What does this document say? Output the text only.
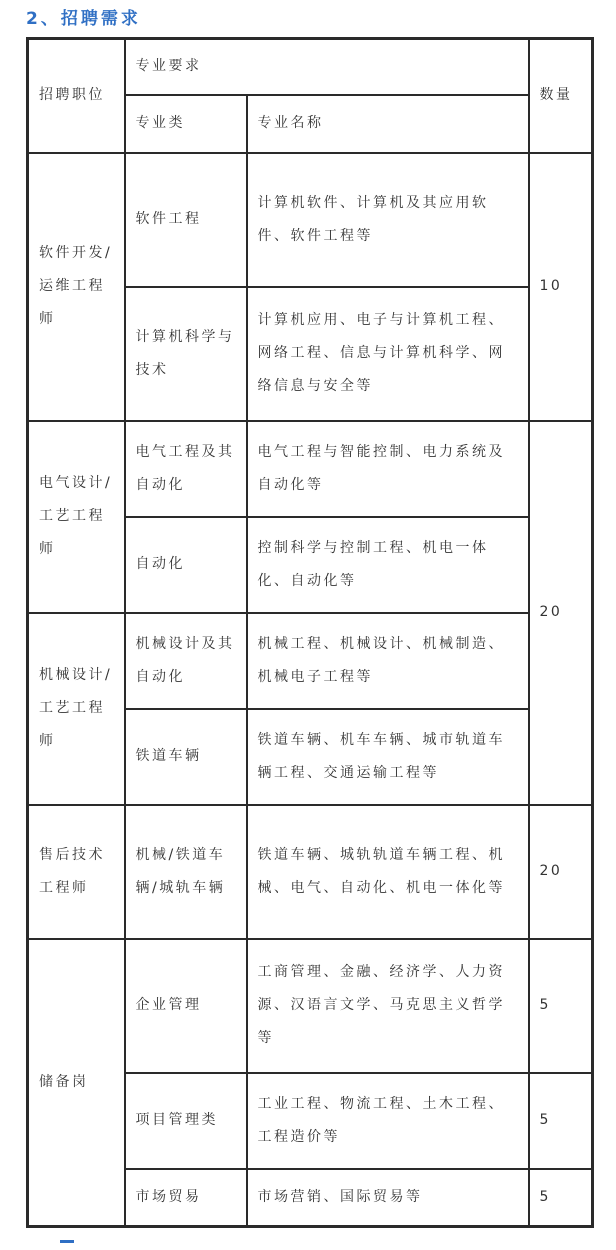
2、招聘需求
招聘职位	专业要求		数量
	专业类	专业名称	
软件开发/运维工程师	软件工程	计算机软件、计算机及其应用软件、软件工程等	10
	计算机科学与技术	计算机应用、电子与计算机工程、网络工程、信息与计算机科学、网络信息与安全等	
电气设计/工艺工程师	电气工程及其自动化	电气工程与智能控制、电力系统及自动化等	20
	自动化	控制科学与控制工程、机电一体化、自动化等	
机械设计/工艺工程师	机械设计及其自动化	机械工程、机械设计、机械制造、机械电子工程等	
	铁道车辆	铁道车辆、机车车辆、城市轨道车辆工程、交通运输工程等	
售后技术工程师	机械/铁道车辆/城轨车辆	铁道车辆、城轨轨道车辆工程、机械、电气、自动化、机电一体化等	20
储备岗	企业管理	工商管理、金融、经济学、人力资源、汉语言文学、马克思主义哲学等	5
	项目管理类	工业工程、物流工程、土木工程、工程造价等	5
	市场贸易	市场营销、国际贸易等	5
